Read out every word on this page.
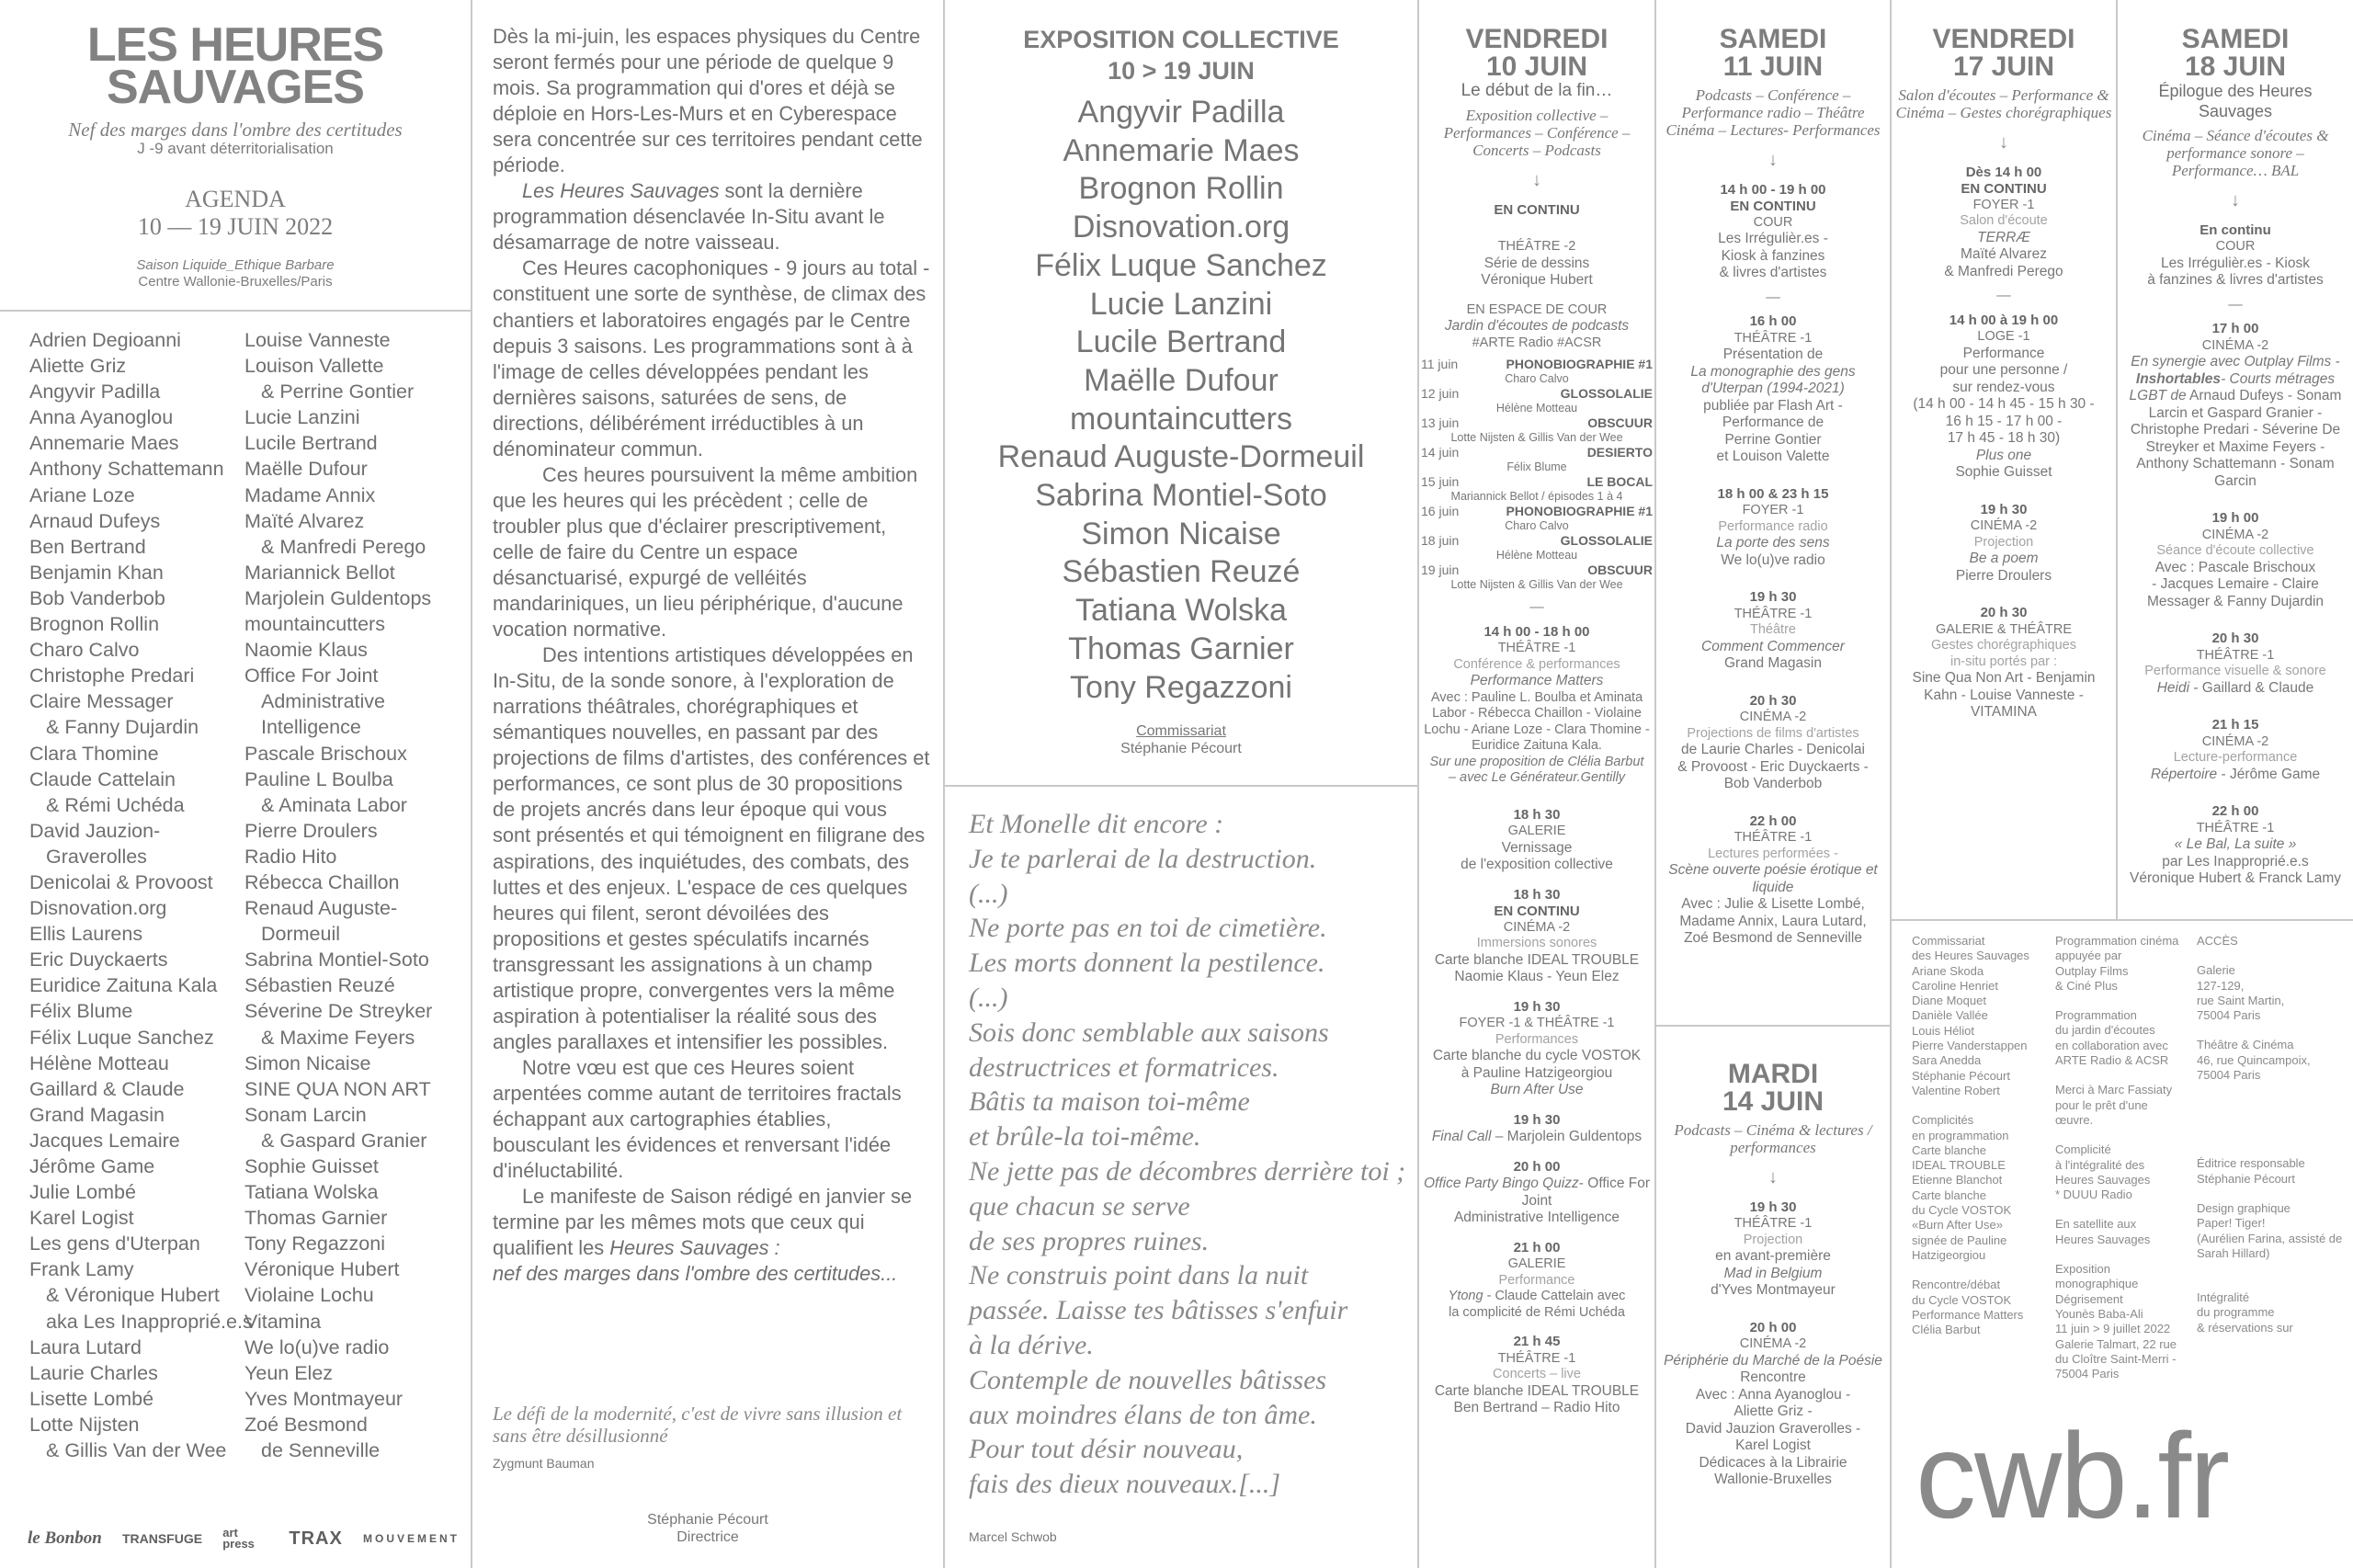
LES HEURES
SAUVAGES
Nef des marges dans l'ombre des certitudes
J -9 avant déterritorialisation
AGENDA
10 — 19 JUIN 2022
Saison Liquide_Ethique Barbare
Centre Wallonie-Bruxelles/Paris
Adrien Degioanni
Aliette Griz
Angyvir Padilla
Anna Ayanoglou
Annemarie Maes
Anthony Schattemann
Ariane Loze
Arnaud Dufeys
Ben Bertrand
Benjamin Khan
Bob Vanderbob
Brognon Rollin
Charo Calvo
Christophe Predari
Claire Messager
& Fanny Dujardin
Clara Thomine
Claude Cattelain
& Rémi Uchéda
David Jauzion-
Graverolles
Denicolai & Provoost
Disnovation.org
Ellis Laurens
Eric Duyckaerts
Euridice Zaituna Kala
Félix Blume
Félix Luque Sanchez
Hélène Motteau
Gaillard & Claude
Grand Magasin
Jacques Lemaire
Jérôme Game
Julie Lombé
Karel Logist
Les gens d'Uterpan
Frank Lamy
& Véronique Hubert
aka Les Inapproprié.e.s
Laura Lutard
Laurie Charles
Lisette Lombé
Lotte Nijsten
& Gillis Van der Wee
Louise Vanneste
Louison Vallette
& Perrine Gontier
Lucie Lanzini
Lucile Bertrand
Maëlle Dufour
Madame Annix
Maïté Alvarez
& Manfredi Perego
Mariannick Bellot
Marjolein Guldentops
mountaincutters
Naomie Klaus
Office For Joint
Administrative
Intelligence
Pascale Brischoux
Pauline L Boulba
& Aminata Labor
Pierre Droulers
Radio Hito
Rébecca Chaillon
Renaud Auguste-
Dormeuil
Sabrina Montiel-Soto
Sébastien Reuzé
Séverine De Streyker
& Maxime Feyers
Simon Nicaise
SINE QUA NON ART
Sonam Larcin
& Gaspard Granier
Sophie Guisset
Tatiana Wolska
Thomas Garnier
Tony Regazzoni
Véronique Hubert
Violaine Lochu
Vitamina
We lo(u)ve radio
Yeun Elez
Yves Montmayeur
Zoé Besmond
de Senneville
le Bonbon TRANSFUGE art press	TRAX MOUVEMENT
Dès la mi-juin, les espaces physiques du Centre seront fermés pour une période de quelque 9 mois. Sa programmation qui d'ores et déjà se déploie en Hors-Les-Murs et en Cyberespace sera concentrée sur ces territoires pendant cette période.
Les Heures Sauvages sont la dernière programmation désenclavée In-Situ avant le désamarrage de notre vaisseau.
Ces Heures cacophoniques - 9 jours au total - constituent une sorte de synthèse, de climax des chantiers et laboratoires engagés par le Centre depuis 3 saisons. Les programmations sont à à l'image de celles développées pendant les dernières saisons, saturées de sens, de directions, délibérément irréductibles à un dénominateur commun.
Ces heures poursuivent la même ambition que les heures qui les précèdent ; celle de troubler plus que d'éclairer prescriptivement, celle de faire du Centre un espace désanctuarisé, expurgé de velléités mandariniques, un lieu périphérique, d'aucune vocation normative.
Des intentions artistiques développées en In-Situ, de la sonde sonore, à l'exploration de narrations théâtrales, chorégraphiques et sémantiques nouvelles, en passant par des projections de films d'artistes, des conférences et performances, ce sont plus de 30 propositions de projets ancrés dans leur époque qui vous sont présentés et qui témoignent en filigrane des aspirations, des inquiétudes, des combats, des luttes et des enjeux. L'espace de ces quelques heures qui filent, seront dévoilées des propositions et gestes spéculatifs incarnés transgressant les assignations à un champ artistique propre, convergentes vers la même aspiration à potentialiser la réalité sous des angles parallaxes et intensifier les possibles.
Notre vœu est que ces Heures soient arpentées comme autant de territoires fractals échappant aux cartographies établies, bousculant les évidences et renversant l'idée d'inéluctabilité.
Le manifeste de Saison rédigé en janvier se termine par les mêmes mots que ceux qui qualifient les Heures Sauvages :
nef des marges dans l'ombre des certitudes...
Le défi de la modernité, c'est de vivre sans illusion et sans être désillusionné
Zygmunt Bauman
Stéphanie Pécourt
Directrice
EXPOSITION COLLECTIVE
10 > 19 JUIN
Angyvir Padilla
Annemarie Maes
Brognon Rollin
Disnovation.org
Félix Luque Sanchez
Lucie Lanzini
Lucile Bertrand
Maëlle Dufour
mountaincutters
Renaud Auguste-Dormeuil
Sabrina Montiel-Soto
Simon Nicaise
Sébastien Reuzé
Tatiana Wolska
Thomas Garnier
Tony Regazzoni
Commissariat
Stéphanie Pécourt
Et Monelle dit encore :
Je te parlerai de la destruction.
(...)
Ne porte pas en toi de cimetière.
Les morts donnent la pestilence.
(...)
Sois donc semblable aux saisons
destructrices et formatrices.
Bâtis ta maison toi-même
et brûle-la toi-même.
Ne jette pas de décombres derrière toi ;
que chacun se serve
de ses propres ruines.
Ne construis point dans la nuit
passée. Laisse tes bâtisses s'enfuir
à la dérive.
Contemple de nouvelles bâtisses
aux moindres élans de ton âme.
Pour tout désir nouveau,
fais des dieux nouveaux.[...]
Marcel Schwob
VENDREDI
10 JUIN
Le début de la fin…
Exposition collective – Performances – Conférence – Concerts – Podcasts
↓
EN CONTINU
THÉÂTRE -2
Série de dessins
Véronique Hubert
EN ESPACE DE COUR
Jardin d'écoutes de podcasts
#ARTE Radio #ACSR
11 juin	PHONOBIOGRAPHIE #1
Charo Calvo
12 juin	GLOSSOLALIE
Hélène Motteau
13 juin	OBSCUUR
Lotte Nijsten & Gillis Van der Wee
14 juin	DESIERTO
Félix Blume
15 juin	LE BOCAL
Mariannick Bellot / épisodes 1 à 4
16 juin	PHONOBIOGRAPHIE #1
Charo Calvo
18 juin	GLOSSOLALIE
Hélène Motteau
19 juin	OBSCUUR
Lotte Nijsten & Gillis Van der Wee
—
14 h 00 - 18 h 00
THÉÂTRE -1
Conférence & performances
Performance Matters
Avec : Pauline L. Boulba et Aminata Labor - Rébecca Chaillon - Violaine Lochu - Ariane Loze - Clara Thomine - Euridice Zaituna Kala.
Sur une proposition de Clélia Barbut
– avec Le Générateur.Gentilly
18 h 30
GALERIE
Vernissage
de l'exposition collective
18 h 30
EN CONTINU
CINÉMA -2
Immersions sonores
Carte blanche IDEAL TROUBLE
Naomie Klaus - Yeun Elez
19 h 30
FOYER -1 & THÉÂTRE -1
Performances
Carte blanche du cycle VOSTOK
à Pauline Hatzigeorgiou
Burn After Use
19 h 30
Final Call – Marjolein Guldentops
20 h 00
Office Party Bingo Quizz- Office For Joint
Administrative Intelligence
21 h 00
GALERIE
Performance
Ytong - Claude Cattelain avec
la complicité de Rémi Uchéda
21 h 45
THÉÂTRE -1
Concerts – live
Carte blanche IDEAL TROUBLE
Ben Bertrand – Radio Hito
SAMEDI
11 JUIN
Podcasts – Conférence – Performance radio – Théâtre Cinéma – Lectures- Performances
↓
14 h 00 - 19 h 00
EN CONTINU
COUR
Les Irrégulièr.es -
Kiosk à fanzines
& livres d'artistes
—
16 h 00
THÉÂTRE -1
Présentation de
La monographie des gens d'Uterpan (1994-2021)
publiée par Flash Art -
Performance de
Perrine Gontier
et Louison Valette
18 h 00 & 23 h 15
FOYER -1
Performance radio
La porte des sens
We lo(u)ve radio
19 h 30
THÉÂTRE -1
Théâtre
Comment Commencer
Grand Magasin
20 h 30
CINÉMA -2
Projections de films d'artistes
de Laurie Charles - Denicolai
& Provoost - Eric Duyckaerts -
Bob Vanderbob
22 h 00
THÉÂTRE -1
Lectures performées -
Scène ouverte poésie érotique et liquide
Avec : Julie & Lisette Lombé,
Madame Annix, Laura Lutard,
Zoé Besmond de Senneville
MARDI
14 JUIN
Podcasts – Cinéma & lectures / performances
↓
19 h 30
THÉÂTRE -1
Projection
en avant-première
Mad in Belgium
d'Yves Montmayeur
20 h 00
CINÉMA -2
Périphérie du Marché de la Poésie
Rencontre
Avec : Anna Ayanoglou -
Aliette Griz -
David Jauzion Graverolles -
Karel Logist
Dédicaces à la Librairie
Wallonie-Bruxelles
VENDREDI
17 JUIN
Salon d'écoutes – Performance & Cinéma – Gestes chorégraphiques
↓
Dès 14 h 00
EN CONTINU
FOYER -1
Salon d'écoute
TERRÆ
Maïté Alvarez
& Manfredi Perego
—
14 h 00 à 19 h 00
LOGE -1
Performance
pour une personne /
sur rendez-vous
(14 h 00 - 14 h 45 - 15 h 30 -
16 h 15 - 17 h 00 -
17 h 45 - 18 h 30)
Plus one
Sophie Guisset
19 h 30
CINÉMA -2
Projection
Be a poem
Pierre Droulers
20 h 30
GALERIE & THÉÂTRE
Gestes chorégraphiques
in-situ portés par :
Sine Qua Non Art - Benjamin
Kahn - Louise Vanneste -
VITAMINA
SAMEDI
18 JUIN
Épilogue des Heures Sauvages
Cinéma – Séance d'écoutes & performance sonore – Performance… BAL
↓
En continu
COUR
Les Irrégulièr.es - Kiosk
à fanzines & livres d'artistes
—
17 h 00
CINÉMA -2
En synergie avec Outplay Films - Inshortables- Courts métrages LGBT de Arnaud Dufeys - Sonam Larcin et Gaspard Granier - Christophe Predari - Séverine De Streyker et Maxime Feyers - Anthony Schattemann - Sonam Garcin
19 h 00
CINÉMA -2
Séance d'écoute collective
Avec : Pascale Brischoux
- Jacques Lemaire - Claire
Messager & Fanny Dujardin
20 h 30
THÉÂTRE -1
Performance visuelle & sonore
Heidi - Gaillard & Claude
21 h 15
CINÉMA -2
Lecture-performance
Répertoire - Jérôme Game
22 h 00
THÉÂTRE -1
« Le Bal, La suite »
par Les Inapproprié.e.s
Véronique Hubert & Franck Lamy
Commissariat
des Heures Sauvages
Ariane Skoda
Caroline Henriet
Diane Moquet
Danièle Vallée
Louis Héliot
Pierre Vanderstappen
Sara Anedda
Stéphanie Pécourt
Valentine Robert
Complicités
en programmation
Carte blanche
IDEAL TROUBLE
Etienne Blanchot
Carte blanche
du Cycle VOSTOK
«Burn After Use»
signée de Pauline
Hatzigeorgiou
Rencontre/débat
du Cycle VOSTOK
Performance Matters
Clélia Barbut
Programmation cinéma
appuyée par
Outplay Films
& Ciné Plus
Programmation
du jardin d'écoutes
en collaboration avec
ARTE Radio & ACSR
Merci à Marc Fassiaty
pour le prêt d'une
œuvre.
Complicité
à l'intégralité des
Heures Sauvages
* DUUU Radio
En satellite aux
Heures Sauvages
Exposition
monographique
Dégrisement
Younès Baba-Ali
11 juin > 9 juillet 2022
Galerie Talmart, 22 rue
du Cloître Saint-Merri -
75004 Paris
ACCÈS
Galerie
127-129,
rue Saint Martin,
75004 Paris
Théâtre & Cinéma
46, rue Quincampoix,
75004 Paris
Éditrice responsable
Stéphanie Pécourt
Design graphique
Paper! Tiger!
(Aurélien Farina, assisté de Sarah Hillard)
Intégralité
du programme
& réservations sur
cwb.fr
